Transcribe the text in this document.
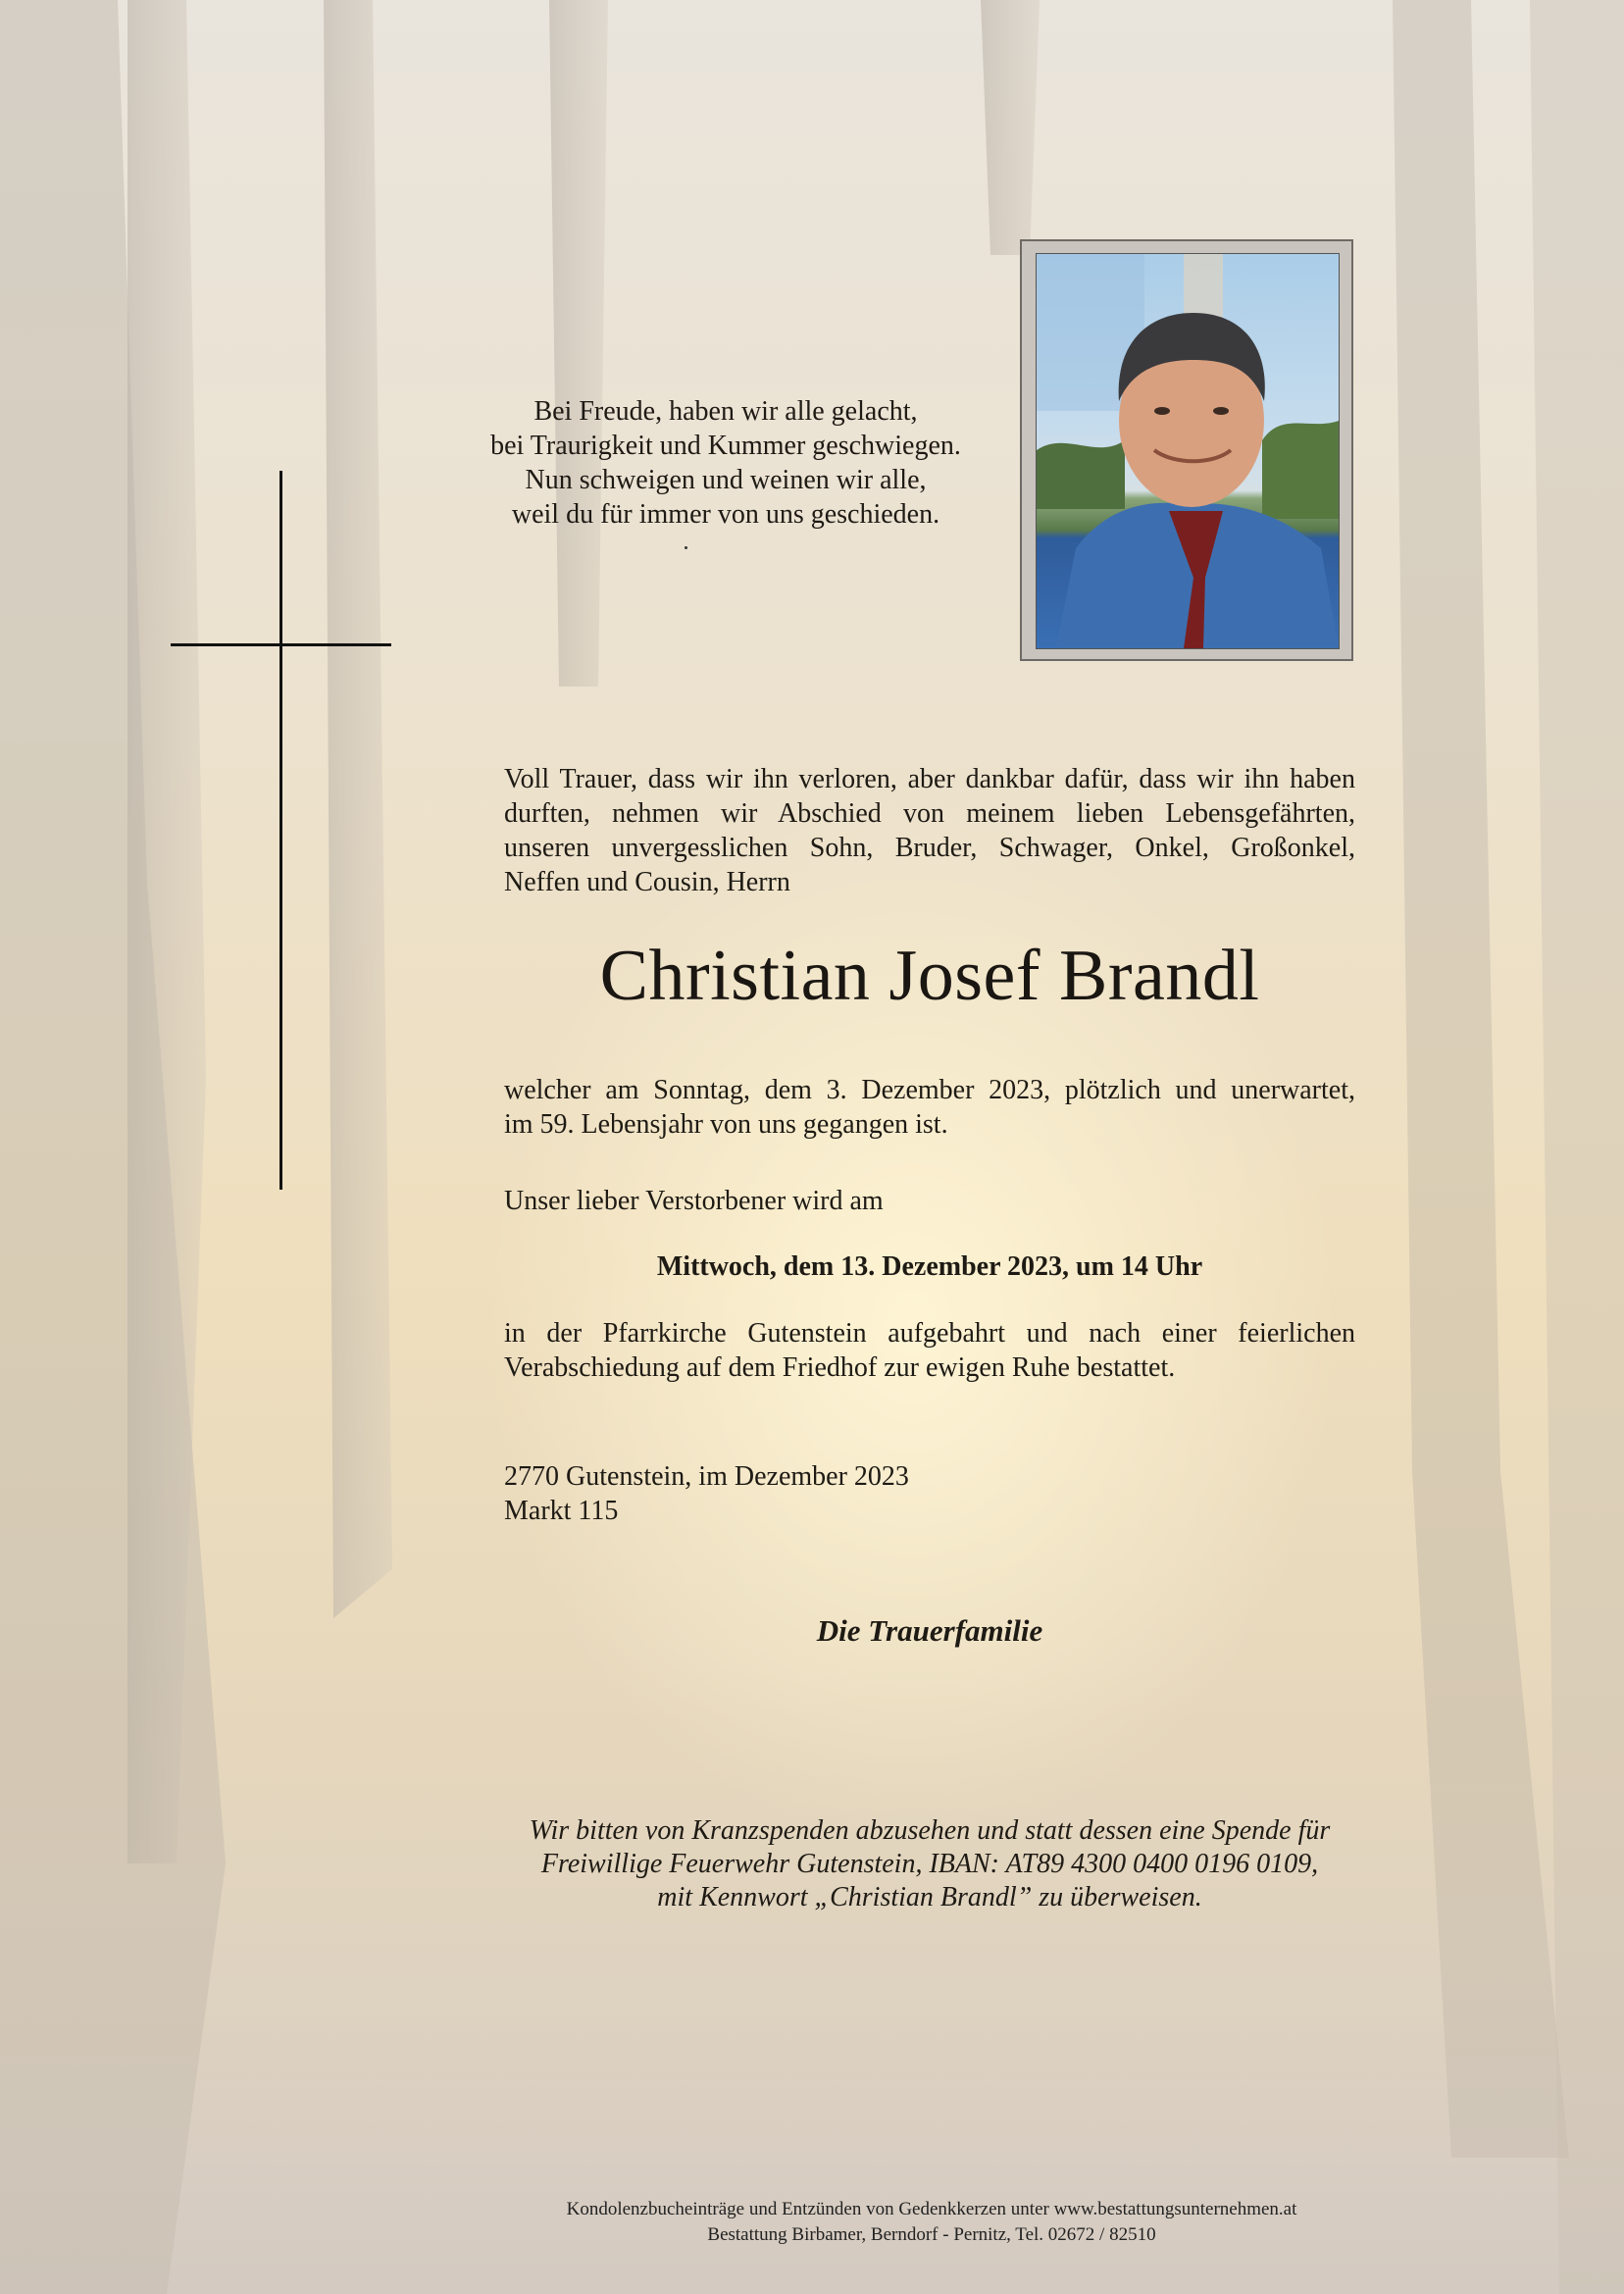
Bei Freude, haben wir alle gelacht,
bei Traurigkeit und Kummer geschwiegen.
Nun schweigen und weinen wir alle,
weil du für immer von uns geschieden.
Voll Trauer, dass wir ihn verloren, aber dankbar dafür, dass wir ihn haben
durften, nehmen wir Abschied von meinem lieben Lebensgefährten,
unseren unvergesslichen Sohn, Bruder, Schwager, Onkel, Großonkel,
Neffen und Cousin, Herrn
Christian Josef Brandl
welcher am Sonntag, dem 3. Dezember 2023, plötzlich und unerwartet,
im 59. Lebensjahr von uns gegangen ist.
Unser lieber Verstorbener wird am
Mittwoch, dem 13. Dezember 2023, um 14 Uhr
in der Pfarrkirche Gutenstein aufgebahrt und nach einer feierlichen
Verabschiedung auf dem Friedhof zur ewigen Ruhe bestattet.
2770 Gutenstein, im Dezember 2023
Markt 115
Die Trauerfamilie
Wir bitten von Kranzspenden abzusehen und statt dessen eine Spende für
Freiwillige Feuerwehr Gutenstein, IBAN: AT89 4300 0400 0196 0109,
mit Kennwort „Christian Brandl” zu überweisen.
Kondolenzbucheinträge und Entzünden von Gedenkkerzen unter www.bestattungsunternehmen.at
Bestattung Birbamer, Berndorf - Pernitz, Tel. 02672 / 82510
